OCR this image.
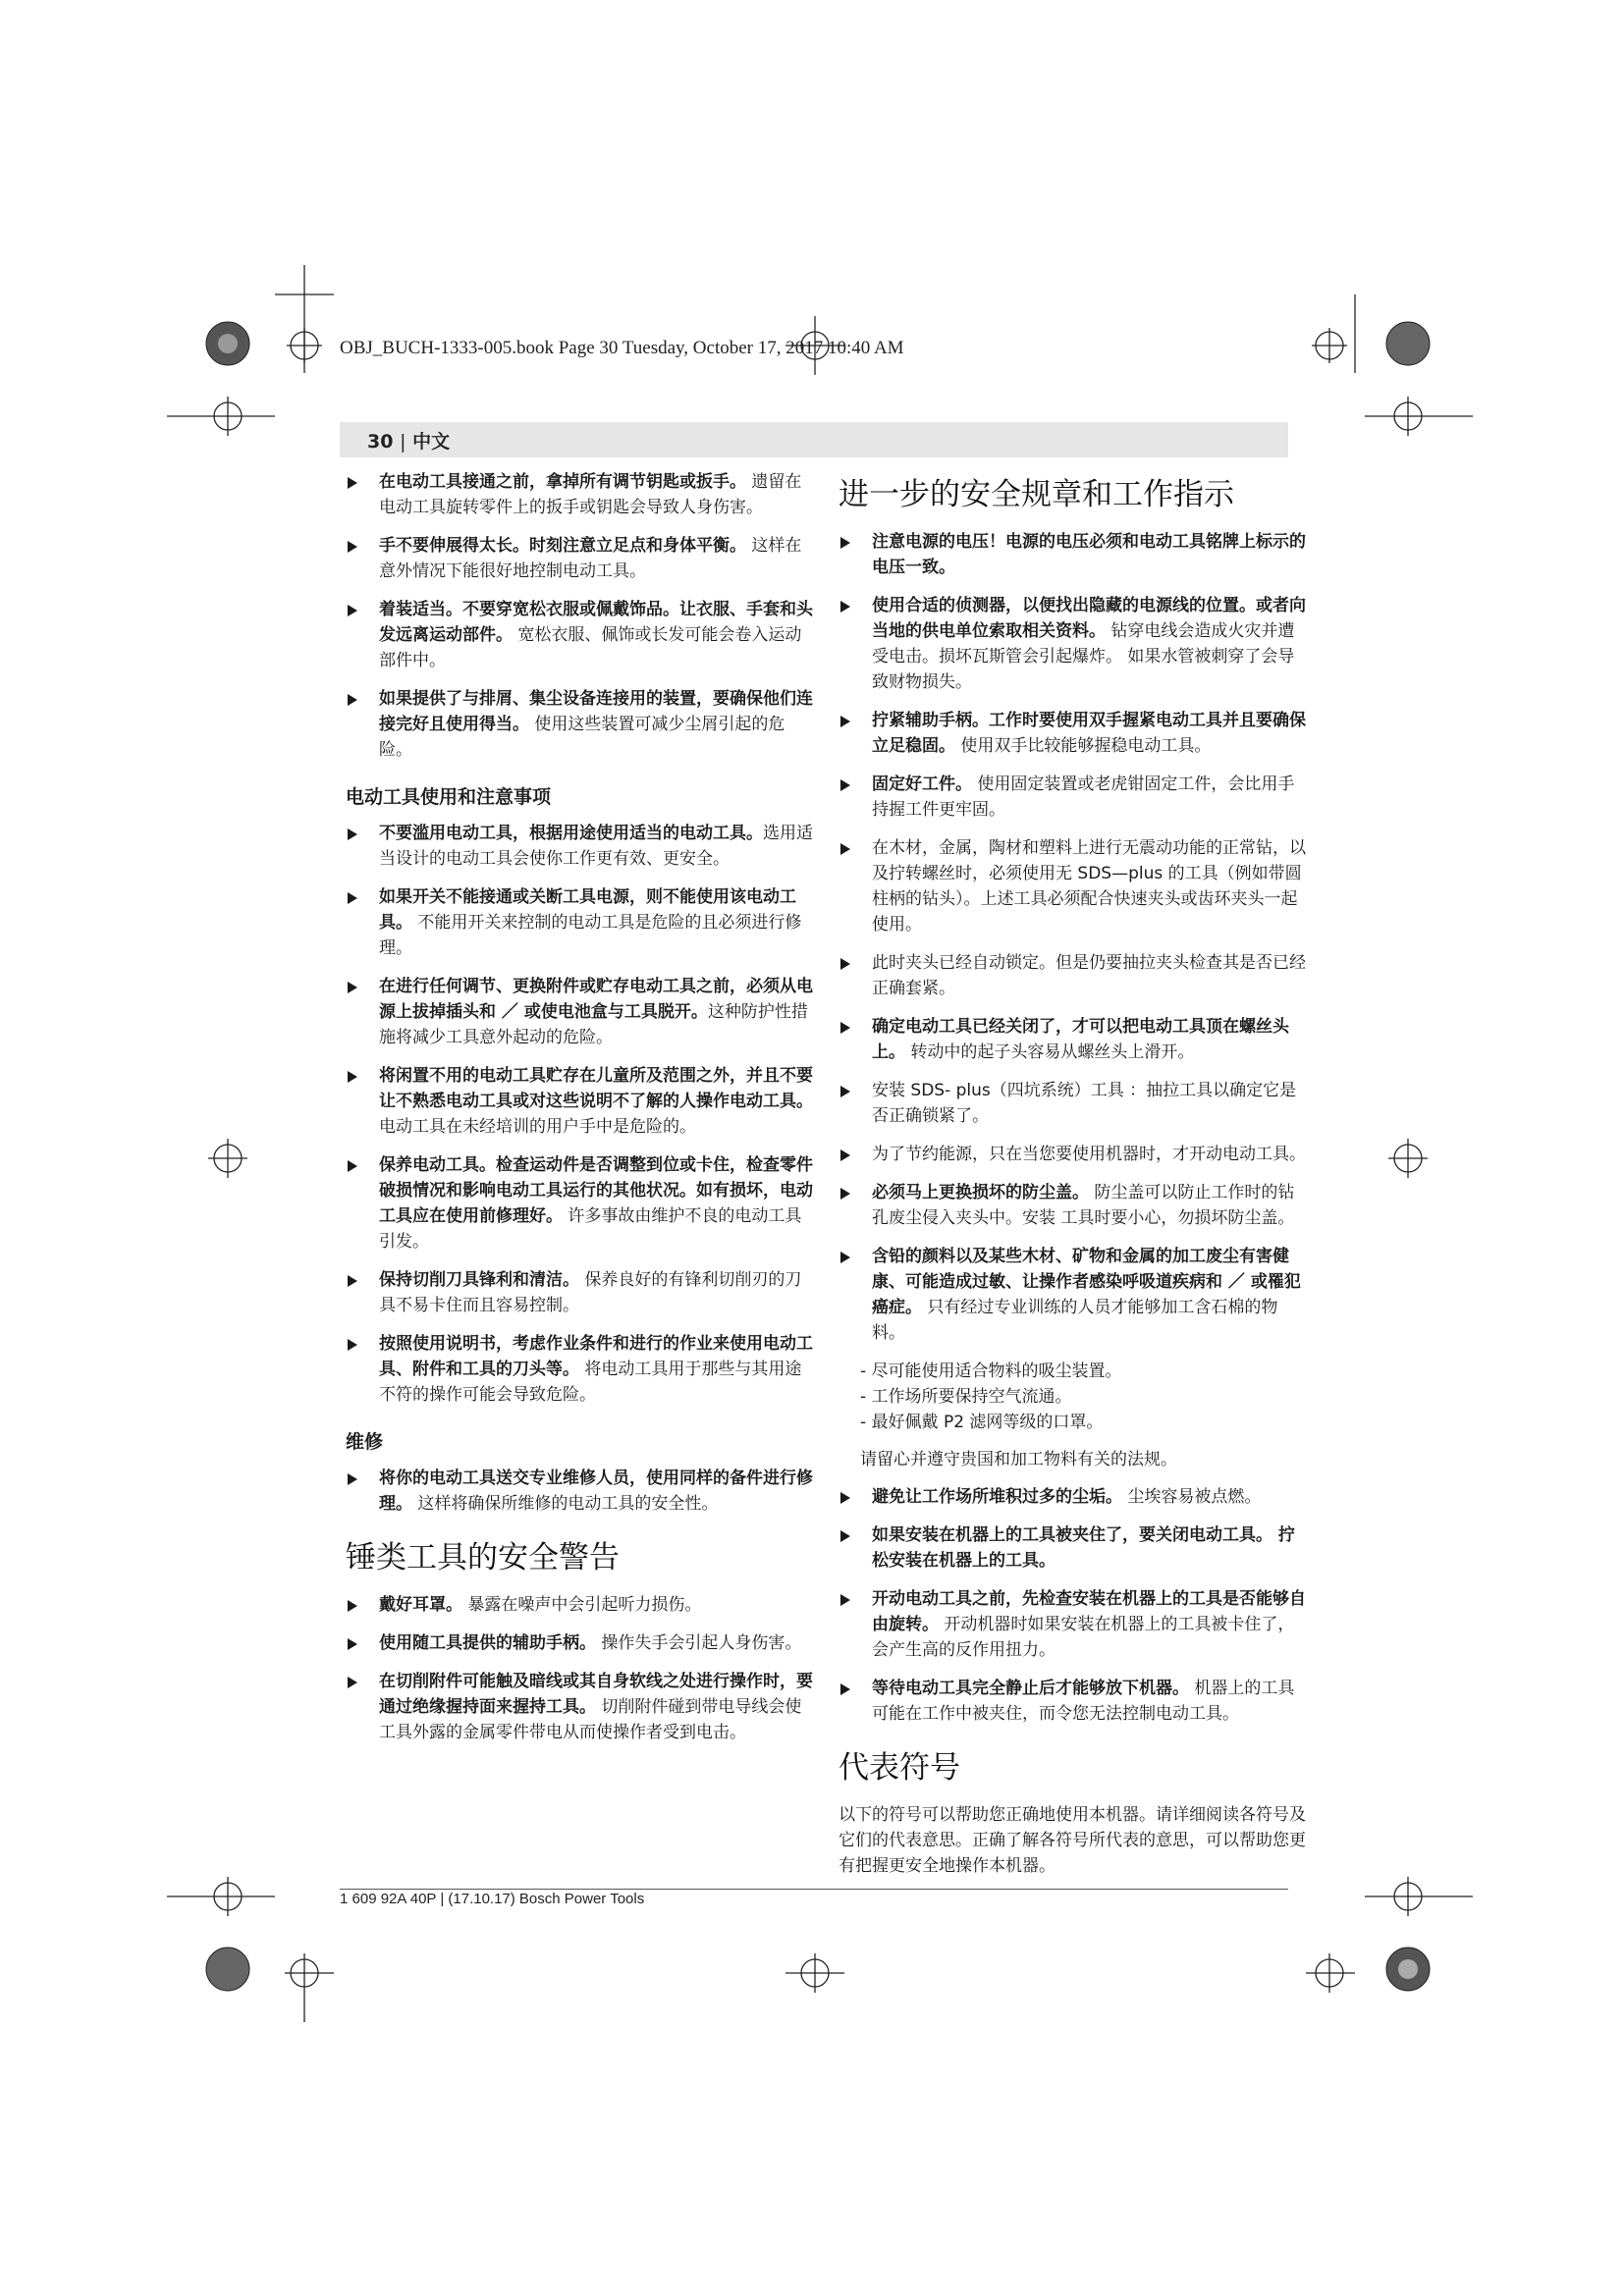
OBJ_BUCH-1333-005.book Page 30 Tuesday, October 17, 2017 10:40 AM
30 | 中文
在电动工具接通之前，拿掉所有调节钥匙或扳手。 遗留在电动工具旋转零件上的扳手或钥匙会导致人身伤害。
手不要伸展得太长。时刻注意立足点和身体平衡。 这样在意外情况下能很好地控制电动工具。
着装适当。不要穿宽松衣服或佩戴饰品。让衣服、手套和头发远离运动部件。 宽松衣服、佩饰或长发可能会卷入运动部件中。
如果提供了与排屑、集尘设备连接用的装置，要确保他们连接完好且使用得当。 使用这些装置可减少尘屑引起的危险。
电动工具使用和注意事项
不要滥用电动工具，根据用途使用适当的电动工具。选用适当设计的电动工具会使你工作更有效、更安全。
如果开关不能接通或关断工具电源，则不能使用该电动工具。 不能用开关来控制的电动工具是危险的且必须进行修理。
在进行任何调节、更换附件或贮存电动工具之前，必须从电源上拔掉插头和 ／ 或使电池盒与工具脱开。这种防护性措施将减少工具意外起动的危险。
将闲置不用的电动工具贮存在儿童所及范围之外，并且不要让不熟悉电动工具或对这些说明不了解的人操作电动工具。 电动工具在未经培训的用户手中是危险的。
保养电动工具。检查运动件是否调整到位或卡住，检查零件破损情况和影响电动工具运行的其他状况。如有损坏，电动工具应在使用前修理好。 许多事故由维护不良的电动工具引发。
保持切削刀具锋利和清洁。 保养良好的有锋利切削刃的刀具不易卡住而且容易控制。
按照使用说明书，考虑作业条件和进行的作业来使用电动工具、附件和工具的刀头等。 将电动工具用于那些与其用途不符的操作可能会导致危险。
维修
将你的电动工具送交专业维修人员，使用同样的备件进行修理。 这样将确保所维修的电动工具的安全性。
锤类工具的安全警告
戴好耳罩。 暴露在噪声中会引起听力损伤。
使用随工具提供的辅助手柄。 操作失手会引起人身伤害。
在切削附件可能触及暗线或其自身软线之处进行操作时，要通过绝缘握持面来握持工具。 切削附件碰到带电导线会使工具外露的金属零件带电从而使操作者受到电击。
进一步的安全规章和工作指示
注意电源的电压！电源的电压必须和电动工具铭牌上标示的电压一致。
使用合适的侦测器，以便找出隐藏的电源线的位置。或者向当地的供电单位索取相关资料。 钻穿电线会造成火灾并遭受电击。损坏瓦斯管会引起爆炸。 如果水管被刺穿了会导致财物损失。
拧紧辅助手柄。工作时要使用双手握紧电动工具并且要确保立足稳固。 使用双手比较能够握稳电动工具。
固定好工件。 使用固定装置或老虎钳固定工件，会比用手持握工件更牢固。
在木材，金属，陶材和塑料上进行无震动功能的正常钻，以及拧转螺丝时，必须使用无 SDS—plus 的工具（例如带圆柱柄的钻头）。上述工具必须配合快速夹头或齿环夹头一起使用。
此时夹头已经自动锁定。但是仍要抽拉夹头检查其是否已经正确套紧。
确定电动工具已经关闭了，才可以把电动工具顶在螺丝头上。 转动中的起子头容易从螺丝头上滑开。
安装 SDS- plus（四坑系统）工具 ：抽拉工具以确定它是否正确锁紧了。
为了节约能源，只在当您要使用机器时，才开动电动工具。
必须马上更换损坏的防尘盖。 防尘盖可以防止工作时的钻孔废尘侵入夹头中。安装 工具时要小心，勿损坏防尘盖。
含铅的颜料以及某些木材、矿物和金属的加工废尘有害健康、可能造成过敏、让操作者感染呼吸道疾病和 ／ 或罹犯癌症。 只有经过专业训练的人员才能够加工含石棉的物料。
- 尽可能使用适合物料的吸尘装置。
- 工作场所要保持空气流通。
- 最好佩戴 P2 滤网等级的口罩。
请留心并遵守贵国和加工物料有关的法规。
避免让工作场所堆积过多的尘垢。 尘埃容易被点燃。
如果安装在机器上的工具被夹住了，要关闭电动工具。 拧松安装在机器上的工具。
开动电动工具之前，先检查安装在机器上的工具是否能够自由旋转。 开动机器时如果安装在机器上的工具被卡住了，会产生高的反作用扭力。
等待电动工具完全静止后才能够放下机器。 机器上的工具可能在工作中被夹住，而令您无法控制电动工具。
代表符号
以下的符号可以帮助您正确地使用本机器。请详细阅读各符号及它们的代表意思。正确了解各符号所代表的意思，可以帮助您更有把握更安全地操作本机器。
1 609 92A 40P | (17.10.17) Bosch Power Tools
